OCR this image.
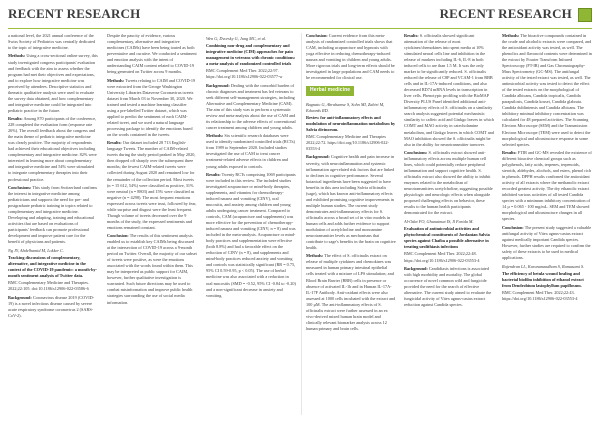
RECENT RESEARCH	RECENT RESEARCH

a national level, the 2021 annual conference of the Swiss Society of Pediatrics was centrally dedicated to the topic of integrative medicine.

Methods: Using a cross-sectional online survey, this study investigated congress participants' evaluation and feedback with the aim to assess whether the program had met their objectives and expectations, and to explore how integrative medicine was perceived by attendees. Descriptive statistics and thematic qualitative analysis were used to evaluate the survey data obtained, and how complementary and integrative medicine could be integrated into pediatric practice in the future.

Results: Among 870 participants of the conference, 228 completed the evaluation form (response rate 26%). The overall feedback about the congress and the main theme of pediatric integrative medicine was clearly positive. The majority of respondents had achieved their educational objectives including complementary and integrative medicine. 82% were interested in learning more about complementary and integrative medicine and 54% were stimulated to integrate complementary therapies into their professional practice.

Conclusions: This study from Switzerland confirms the interest in integrative medicine among pediatricians and supports the need for pre- and postgraduate pediatric training in topics related to complementary and integrative medicine. Developing and adapting, training and educational activities that are based on evaluations of participants' feedback can promote professional development and improve patient care for the benefit of physicians and patients.

Ng JY, Abdelhamid M, Lokker C.
Tracking discussions of complementary, alternative, and integrative medicine in the context of the COVID-19 pandemic: a month-by-month sentiment analysis of Twitter data.
BMC Complementary Medicine and Therapies. 2022;22:105. doi:10.1186/s12906-022-03586-6

Background: Coronavirus disease 2019 (COVID-19) is a novel infectious disease caused by severe acute respiratory syndrome coronavirus 2 (SARS-CoV-2).

Despite the paucity of evidence, various complementary, alternative and integrative medicines (CAIMs) have been being touted as both preventative and curative. We conducted a sentiment and emotion analysis with the intent of understanding CAIM content related to COVID-19 being generated on Twitter across 9 months.

Methods: Tweets relating to CAIM and COVID-19 were extracted from the George Washington University Libraries Dataverse Coronavirus tweets dataset from March 03 to November 30, 2020. We trained and tested a machine learning classifier using a pre-labelled Twitter dataset, which was applied to predict the sentiment of each CAIM-related tweet, and we used a natural language processing package to identify the emotions based on the words contained in the tweets.

Results: Our dataset included 28 713 English-language Tweets. The number of CAIM-related tweets during the study period peaked in May 2020, then dropped off sharply over the subsequent three months; the fewest CAIM-related tweets were collected during August 2020 and remained low for the remainder of the collection period. Most tweets (n = 15 612, 54%) were classified as positive, 31% were neutral (n = 8803) and 15% were classified as negative (n = 4298). The most frequent emotions expressed across tweets were trust, followed by fear, while surprise and disgust were the least frequent. Though volume of tweets decreased over the 9 months of the study, the expressed sentiments and emotions remained constant.

Conclusion: The results of this sentiment analysis enabled us to establish key CAIMs being discussed at the intersection of COVID-19 across a 9-month period on Twitter. Overall, the majority of our subset of tweets were positive, as were the emotions associated with the words found within them. This may be interpreted as public support for CAIM, however, further qualitative investigation is warranted. Such future directions may be used to combat misinformation and improve public health strategies surrounding the use of social media information.

Wen G, Dvorsky G, Jung MC, et al.
Combining non-drug and complementary and integrative medicine (CIM) approaches for pain management in veterans with chronic conditions: a meta-analysis of randomized controlled trials
BMC Complement Med Ther. 2022;22:97. https://doi.org/10.1186/s12906-022-03577-w

Background: Dealing with the comorbid burden of chronic diagnoses and treatment has led veterans to seek different self-management strategies, including Alternative and Complementary Medicine (CAM). The aim of this study was to perform a systematic review and meta-analysis about the use of CAM and its relationship to the adverse effects of conventional cancer treatment among children and young adults.

Methods: Six scientific research databases were used to identify randomized controlled trials (RCTs) from 1989 to September 2020. Included studies investigated the use of CAM to treat cancer treatment-related adverse effects in children and young adults exposed to controls.

Results: Twenty RCTs comprising 1069 participants were included in this review. The included studies investigated acupuncture or mind-body therapies, supplements, and vitamins for chemotherapy-induced nausea and vomiting (CINV), oral mucositis, and anxiety among children and young adults undergoing cancer treatment. Compared to controls, CAM (acupuncture and supplements) was more effective for the prevention of chemotherapy-induced nausea and vomiting (CINV; n = 8) and was included in the meta-analysis. Acupuncture or mind-body practices and supplementation were effective (both 8.8%) and had a favorable effect on the reduction of CINV (n = 8), and supplements and mind-body practices reduced anxiety and vomiting and controls was statistically significant (RR = 0.75, 95% CI 0.59-0.95, p < 0.05). The use of herbal medicine was also associated with a reduction in oral mucositis (SMD = -0.52, 95% CI -0.84 to -0.20) and a non-significant decrease in anxiety and vomiting.

Conclusion: Current evidence from this meta-analysis of randomized controlled trials shows that CAM, including acupuncture and hypnosis with yoga effective in reducing chemotherapy-induced nausea and vomiting in children and young adults. More rigorous trials and long-term effects should be investigated in large populations and CAM needs to be recommended for clinical use.

Herbal medicine
Bagnato G, Abrahamse S, Sohn MI, Zabiri M, Edwards RD.
Review for anti-inflammatory effects and modulation of neuroinflammation metabolism by Salvia divinorum.
BMC Complementary Medicine and Therapies 2022;22:72. https://doi.org/10.1186/s12906-022-03553-4

Background: Cognitive health and pain increase in severity, with neuroinflammation and systemic inflammation age-related risk factors that are linked to declines in cognitive performance. Several botanical ingredients have been suggested to have benefits in this area including Salvia officinalis (sage), which has known anti-inflammatory effects and exhibited promising cognitive improvements in multiple human studies. The current study demonstrates anti-inflammatory effects for S. officinalis across a broad set of in vitro models in human cells and adds further evidence to support modulation of acetylcholine and monoamine neurotransmitter levels as mechanisms that contribute to sage's benefits in the brain on cognitive health.

Methods: The effect of S. officinalis extract on release of multiple cytokines and chemokines was measured in human primary intestinal epithelial cells treated with a mixture of LPS stimulation; and Blood Brain Barrier (BBB) cells in presence or absence of activated IL-1b and in Human IL-17A-IL-17F Antibody. Anti-oxidant effects were also assessed at 1000 cells incubated with the extract and 100 µM. The anti-inflammatory effects of S. officinalis extract were further assessed in an ex vivo-derived mixed human brain model and clinically relevant biomarker analysis across 12 human primary and brain cells.

Results: S. officinalis showed significant attenuation of the release of most cytokines/chemokines into spent media at 10% stimulated neural cells line and inhibition in the release of markers including IL-6, IL-8 in both induced cells to are than 1.5 M. It was the only marker to be significantly reduced. S. officinalis reduced the release of C8P and VCAM-1 from BBB cells and in IL-17A-induced conditions, and also decreased RD74 mRNA levels in transcription in liver cells. Phenotypic profiling with the BioMAP Diversity PLUS Panel identified additional anti-inflammatory effects of S. officinalis on a similarity search analysis suggested potential mechanistic similarity to caffeic acid and Ginkgo leaves in which COMT and MAO activity in catecholamine metabolism, and Ginkgo leaves in which COMT and MAO inhibition showed the S. officinalis might be also in the ability for neurotransmitter turnover.

Conclusions: S. officinalis extract showed anti-inflammatory effects across multiple human cell lines, which could potentially reduce peripheral inflammation and support cognitive health. S. officinalis extract also showed the ability to inhibit enzymes related to the metabolism of neurotransmitters acetylcholine, suggesting possible physiologic and neurologic effects when alongside proposed challenging effects on behavior, these results to the human health participants demonstrated for the extract.

Al-Odat FO, Ghunaimat IS, Il Farida M.
Evaluation of antimicrobial activities and phytochemical constituents of Jordanian Salvia species against Chaiba a possible alternative in treating urolithiasis infections
BMC Complement Med Ther. 2022;22:48. https://doi.org/10.1186/s12906-022-03553-4

Background: Candidiasis infections is associated with high morbidity and mortality. The global occurrence of novel common wild and fungicide provided the need for the search of effective alternative. The current study aimed to evaluate the fungicidal activity of Vitex agnus-castus extract reduction against Candida species.

Methods: The bioactive compounds contained in the crude and alcoholic extracts were compared, and the antioxidant activity was tested, as well. The phenolics and flavonoid contents were determined in the extract by Fourier Transform Infrared Spectroscopy (FT-IR) and Gas Chromatography-Mass Spectrometry (GC-MS). The antifungal activity of the tested extract was tested, as well. The antimicrobial activity was tested to detect the effect of the tested extracts on the morphological of Candida albicans, Candida tropicalis, Candida parapsilosis, Candida krusei, Candida glabrata. Candida dubliniensis and Candida albicans. The inhibitory minimal inhibitory concentration was calculated for 48 prepared activities. The Scanning Electron Microscope (SEM) and the Transmission Electron Microscope (TEM) were used to detect the morphological and ultrastructure response in some selected species.

Results: FTIR and GC-MS revealed the existence of different bioactive chemical groups such as polyphenols, fatty acids, terpenes, terpenoids, steroids, aldehydes, alcohols, and esters, phenol rich in phenols. DPPH results confirmed the antioxidant activity of all extracts where the methanolic extract recorded greatest activity. The dry ethanolic extract inhibited various activities of all tested Candida species with a minimum inhibitory concentration of 14 µ = 0.065 - 100 mg/mL. SEM and TEM showed morphological and ultrastructure changes in all species.

Conclusion: The present study suggested a valuable antifungal activity of Vitex agnus-castus extract against medically important Candida species. However, further studies are required to confirm the safety of these extracts to be used in medical applications.

Rajendran LL, Karunanandham S, Ramasami S.
The efficiency of betula wound healing and bacterial biofilm inhibition of ethanol extract from Dendrobium lasiophyllum papillosum.
BMC Complement Med Ther. 2022;22:43. https://doi.org/10.1186/s12906-022-03553-4
